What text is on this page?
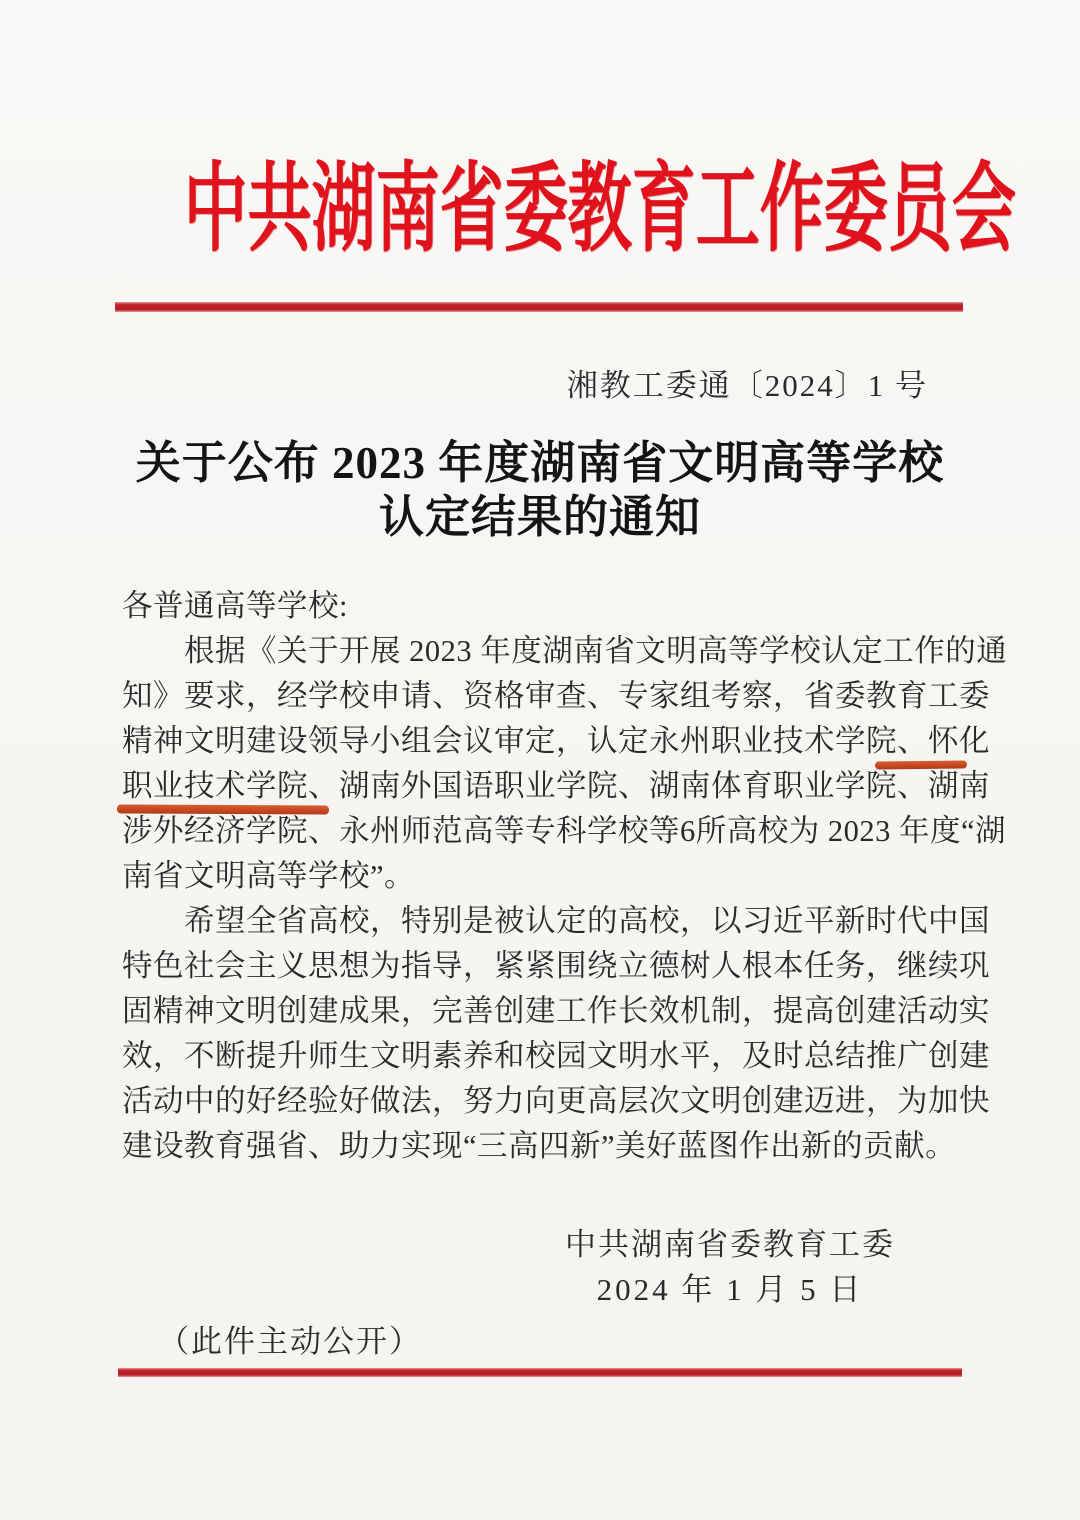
中共湖南省委教育工作委员会
湘教工委通〔2024〕1 号
关于公布 2023 年度湖南省文明高等学校
认定结果的通知
各普通高等学校:
根据《关于开展 2023 年度湖南省文明高等学校认定工作的通
知》要求，经学校申请、资格审查、专家组考察，省委教育工委
精神文明建设领导小组会议审定，认定永州职业技术学院、怀化
职业技术学院、湖南外国语职业学院、湖南体育职业学院、湖南
涉外经济学院、永州师范高等专科学校等6所高校为 2023 年度“湖
南省文明高等学校”。
希望全省高校，特别是被认定的高校，以习近平新时代中国
特色社会主义思想为指导，紧紧围绕立德树人根本任务，继续巩
固精神文明创建成果，完善创建工作长效机制，提高创建活动实
效，不断提升师生文明素养和校园文明水平，及时总结推广创建
活动中的好经验好做法，努力向更高层次文明创建迈进，为加快
建设教育强省、助力实现“三高四新”美好蓝图作出新的贡献。
中共湖南省委教育工委
2024 年 1 月 5 日
（此件主动公开）
